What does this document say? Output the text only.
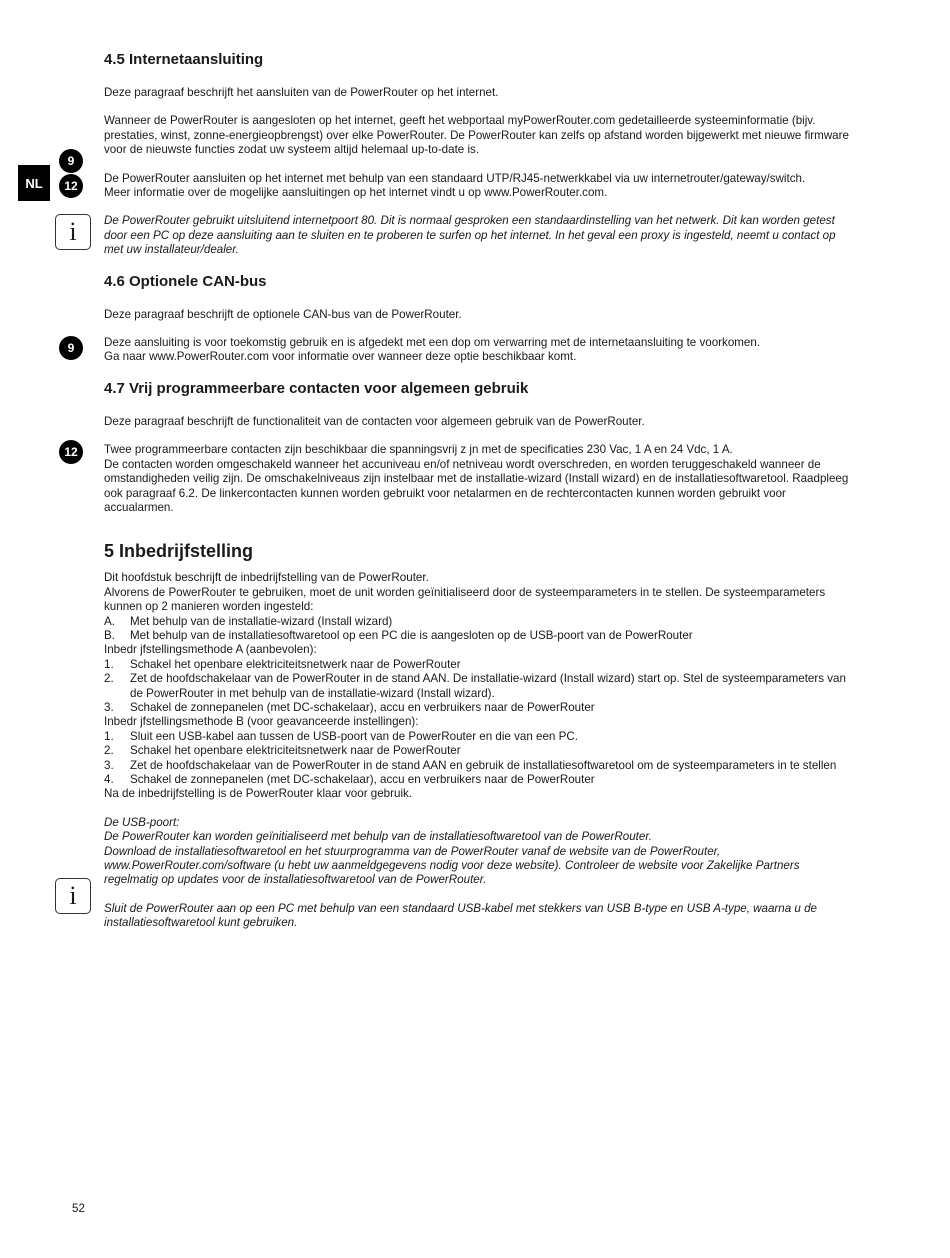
NL
9
12
i
9
12
i
4.5 Internetaansluiting

Deze paragraaf beschrijft het aansluiten van de PowerRouter op het internet.

Wanneer de PowerRouter is aangesloten op het internet, geeft het webportaal myPowerRouter.com gedetailleerde systeeminformatie (bijv. prestaties, winst, zonne-energieopbrengst) over elke PowerRouter. De PowerRouter kan zelfs op afstand worden bijgewerkt met nieuwe firmware voor de nieuwste functies zodat uw systeem altijd helemaal up-to-date is.

De PowerRouter aansluiten op het internet met behulp van een standaard UTP/RJ45-netwerkkabel via uw internetrouter/gateway/switch.

Meer informatie over de mogelijke aansluitingen op het internet vindt u op www.PowerRouter.com.

De PowerRouter gebruikt uitsluitend internetpoort 80. Dit is normaal gesproken een standaardinstelling van het netwerk. Dit kan worden getest door een PC op deze aansluiting aan te sluiten en te proberen te surfen op het internet. In het geval een proxy is ingesteld, neemt u contact op met uw installateur/dealer.

4.6 Optionele CAN-bus

Deze paragraaf beschrijft de optionele CAN-bus van de PowerRouter.

Deze aansluiting is voor toekomstig gebruik en is afgedekt met een dop om verwarring met de internetaansluiting te voorkomen.

Ga naar www.PowerRouter.com voor informatie over wanneer deze optie beschikbaar komt.

4.7 Vrij programmeerbare contacten voor algemeen gebruik

Deze paragraaf beschrijft de functionaliteit van de contacten voor algemeen gebruik van de PowerRouter.

Twee programmeerbare contacten zijn beschikbaar die spanningsvrij z jn met de specificaties 230 Vac, 1 A en 24 Vdc, 1 A.

De contacten worden omgeschakeld wanneer het accuniveau en/of netniveau wordt overschreden, en worden teruggeschakeld wanneer de omstandigheden veilig zijn. De omschakelniveaus zijn instelbaar met de installatie-wizard (Install wizard) en de installatiesoftwaretool. Raadpleeg ook paragraaf 6.2. De linkercontacten kunnen worden gebruikt voor netalarmen en de rechtercontacten kunnen worden gebruikt voor accualarmen.

5 Inbedrijfstelling

Dit hoofdstuk beschrijft de inbedrijfstelling van de PowerRouter.

Alvorens de PowerRouter te gebruiken, moet de unit worden geïnitialiseerd door de systeemparameters in te stellen. De systeemparameters kunnen op 2 manieren worden ingesteld:

A.	Met behulp van de installatie-wizard (Install wizard)
B.	Met behulp van de installatiesoftwaretool op een PC die is aangesloten op de USB-poort van de PowerRouter

Inbedr jfstellingsmethode A (aanbevolen):

1.	Schakel het openbare elektriciteitsnetwerk naar de PowerRouter
2.	Zet de hoofdschakelaar van de PowerRouter in de stand AAN. De installatie-wizard (Install wizard) start op. Stel de systeemparameters van de PowerRouter in met behulp van de installatie-wizard (Install wizard).
3.	Schakel de zonnepanelen (met DC-schakelaar), accu en verbruikers naar de PowerRouter

Inbedr jfstellingsmethode B (voor geavanceerde instellingen):

1.	Sluit een USB-kabel aan tussen de USB-poort van de PowerRouter en die van een PC.
2.	Schakel het openbare elektriciteitsnetwerk naar de PowerRouter
3.	Zet de hoofdschakelaar van de PowerRouter in de stand AAN en gebruik de installatiesoftwaretool om de systeemparameters in te stellen
4.	Schakel de zonnepanelen (met DC-schakelaar), accu en verbruikers naar de PowerRouter

Na de inbedrijfstelling is de PowerRouter klaar voor gebruik.

De USB-poort:

De PowerRouter kan worden geïnitialiseerd met behulp van de installatiesoftwaretool van de PowerRouter.

Download de installatiesoftwaretool en het stuurprogramma van de PowerRouter vanaf de website van de PowerRouter, www.PowerRouter.com/software (u hebt uw aanmeldgegevens nodig voor deze website). Controleer de website voor Zakelijke Partners regelmatig op updates voor de installatiesoftwaretool van de PowerRouter.

Sluit de PowerRouter aan op een PC met behulp van een standaard USB-kabel met stekkers van USB B-type en USB A-type, waarna u de installatiesoftwaretool kunt gebruiken.

52
